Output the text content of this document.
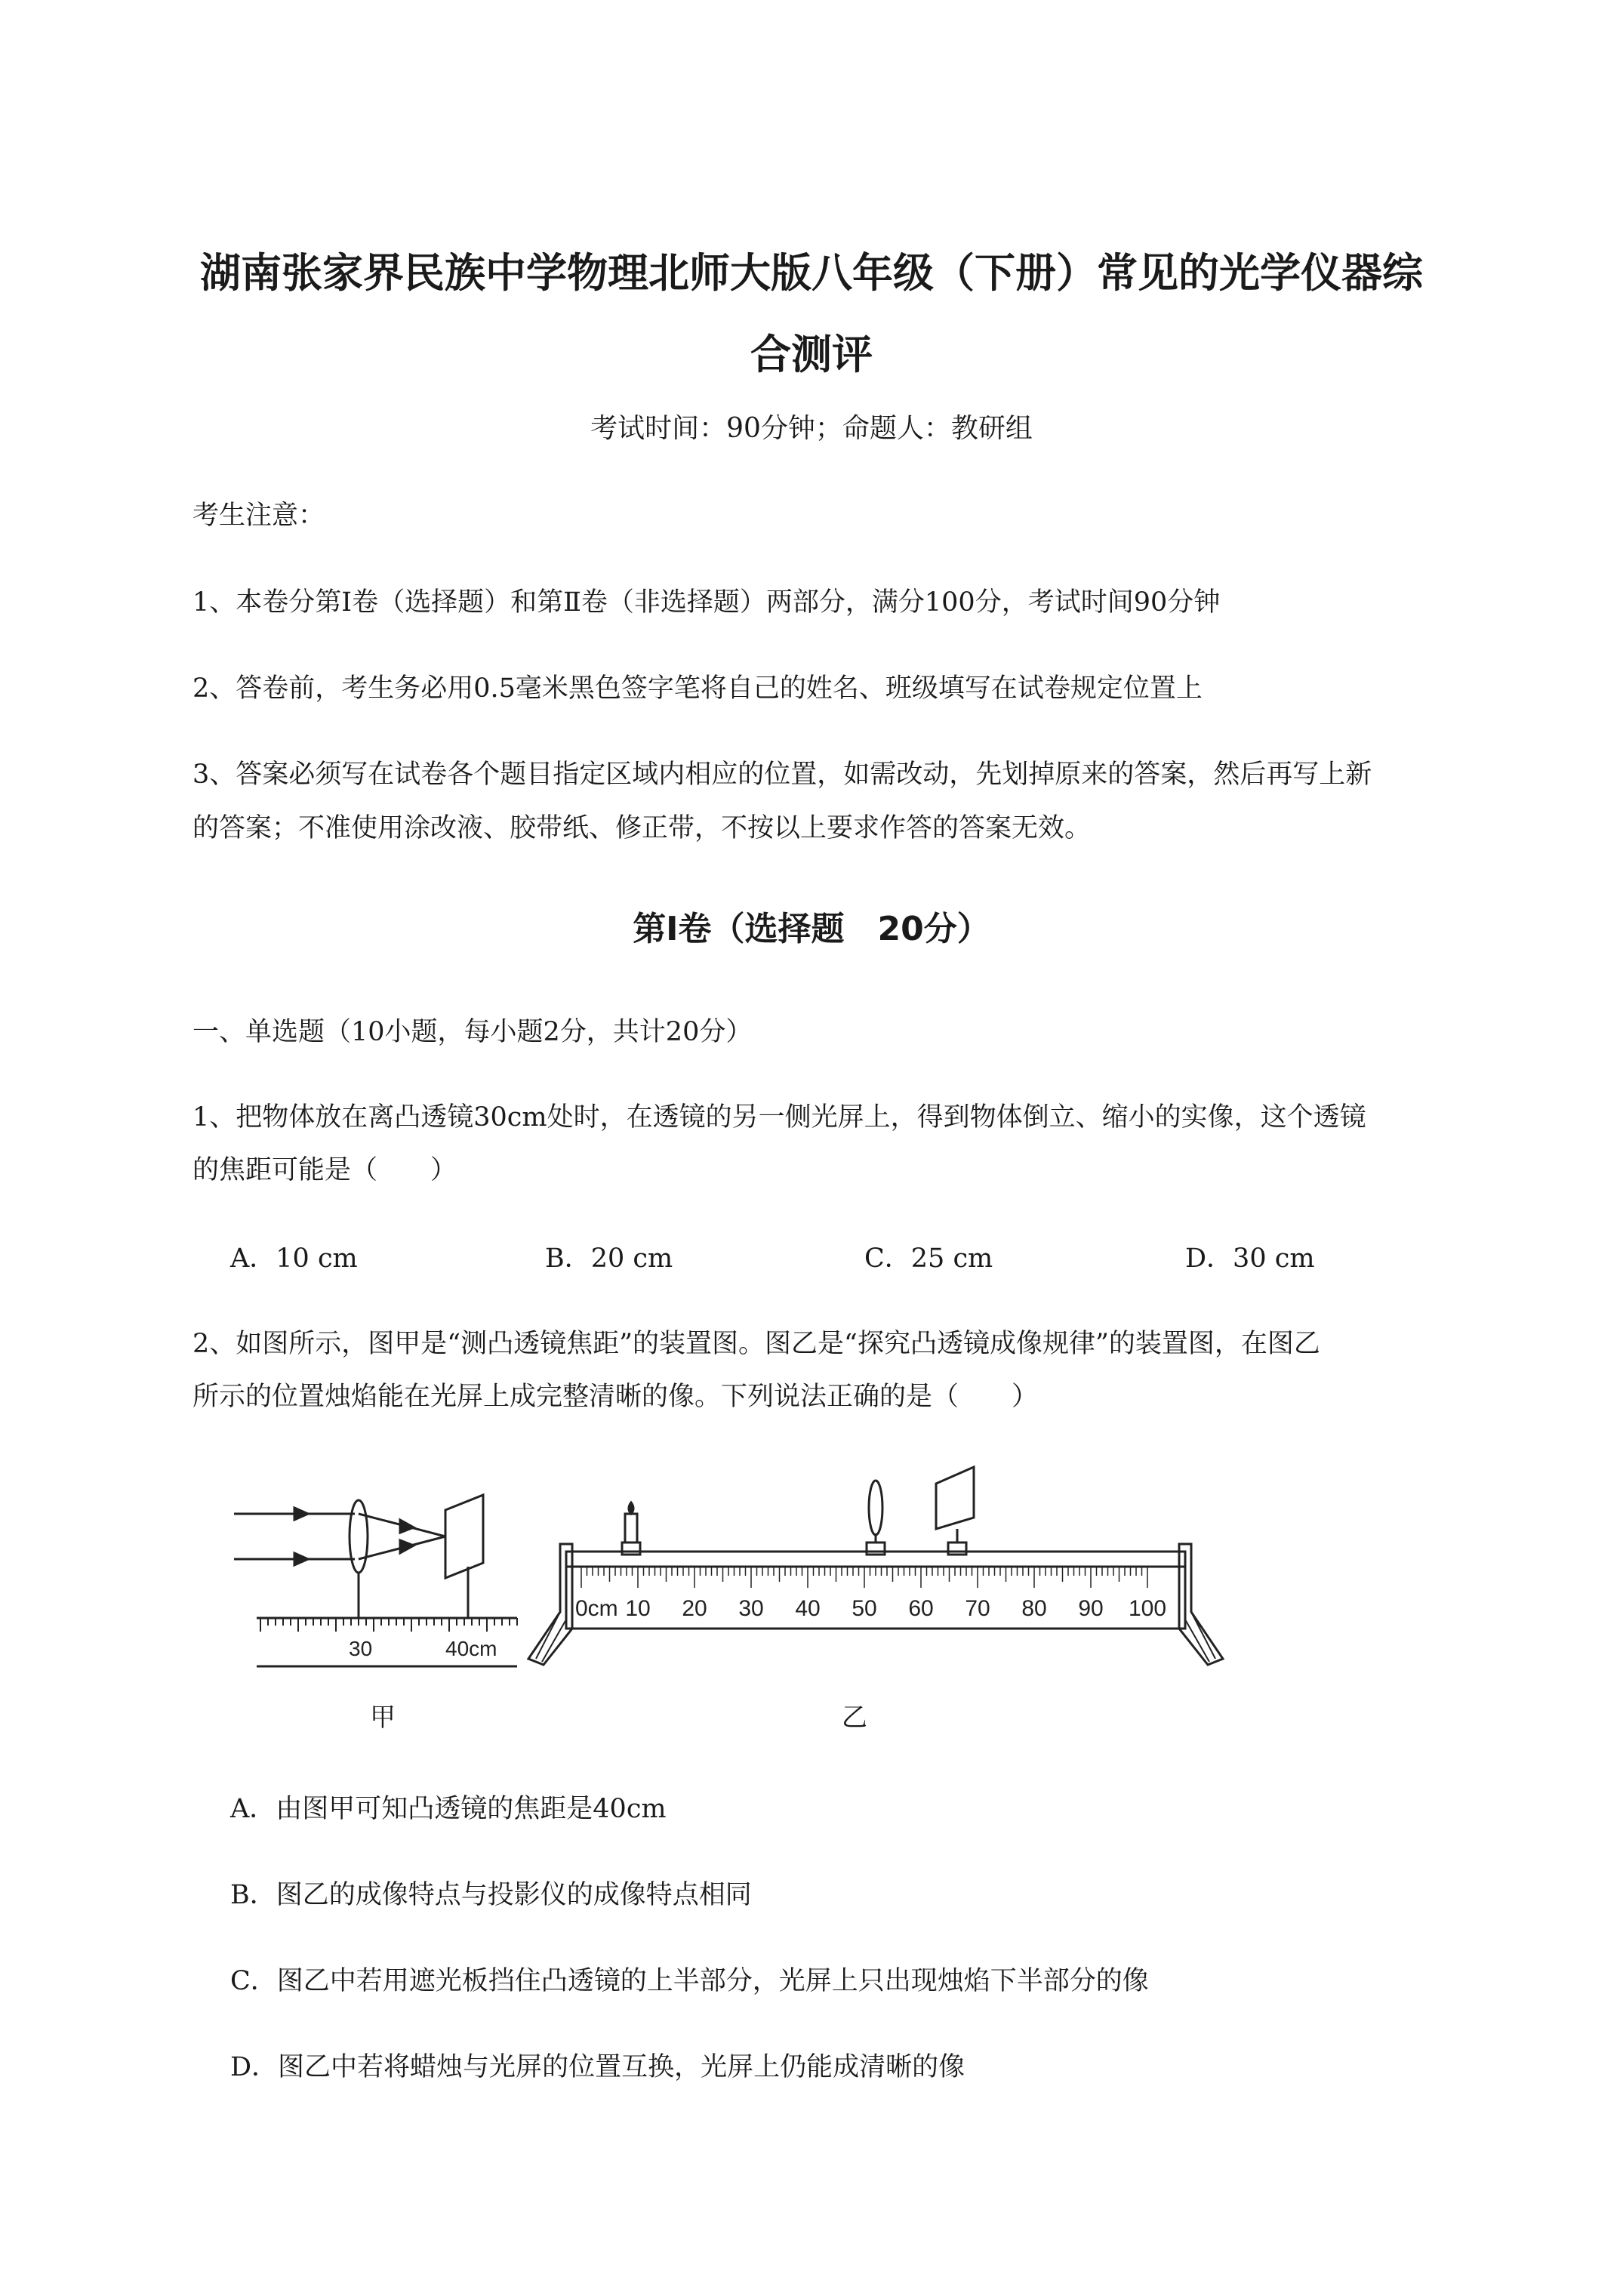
湖南张家界民族中学物理北师大版八年级（下册）常见的光学仪器综
合测评
考试时间：90分钟；命题人：教研组
考生注意：
1、本卷分第Ⅰ卷（选择题）和第Ⅱ卷（非选择题）两部分，满分100分，考试时间90分钟
2、答卷前，考生务必用0.5毫米黑色签字笔将自己的姓名、班级填写在试卷规定位置上
3、答案必须写在试卷各个题目指定区域内相应的位置，如需改动，先划掉原来的答案，然后再写上新
的答案；不准使用涂改液、胶带纸、修正带，不按以上要求作答的答案无效。
第Ⅰ卷（选择题　20分）
一、单选题（10小题，每小题2分，共计20分）
1、把物体放在离凸透镜30cm处时，在透镜的另一侧光屏上，得到物体倒立、缩小的实像，这个透镜
的焦距可能是（　　）
A．10 cm	B．20 cm	C．25 cm	D．30 cm
2、如图所示，图甲是“测凸透镜焦距”的装置图。图乙是“探究凸透镜成像规律”的装置图，在图乙
所示的位置烛焰能在光屏上成完整清晰的像。下列说法正确的是（　　）
30	40cm
0cm 10 20 30 40 50 60 70 80 90 100
甲	乙
A．由图甲可知凸透镜的焦距是40cm
B．图乙的成像特点与投影仪的成像特点相同
C．图乙中若用遮光板挡住凸透镜的上半部分，光屏上只出现烛焰下半部分的像
D．图乙中若将蜡烛与光屏的位置互换，光屏上仍能成清晰的像
